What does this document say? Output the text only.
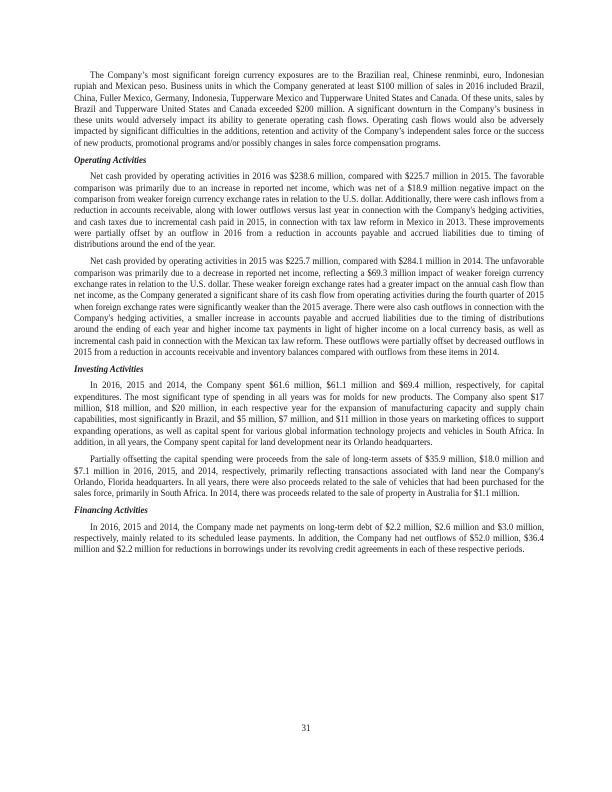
The Company’s most significant foreign currency exposures are to the Brazilian real, Chinese renminbi, euro, Indonesian rupiah and Mexican peso. Business units in which the Company generated at least $100 million of sales in 2016 included Brazil, China, Fuller Mexico, Germany, Indonesia, Tupperware Mexico and Tupperware United States and Canada. Of these units, sales by Brazil and Tupperware United States and Canada exceeded $200 million. A significant downturn in the Company’s business in these units would adversely impact its ability to generate operating cash flows. Operating cash flows would also be adversely impacted by significant difficulties in the additions, retention and activity of the Company’s independent sales force or the success of new products, promotional programs and/or possibly changes in sales force compensation programs.

Operating Activities

Net cash provided by operating activities in 2016 was $238.6 million, compared with $225.7 million in 2015. The favorable comparison was primarily due to an increase in reported net income, which was net of a $18.9 million negative impact on the comparison from weaker foreign currency exchange rates in relation to the U.S. dollar. Additionally, there were cash inflows from a reduction in accounts receivable, along with lower outflows versus last year in connection with the Company's hedging activities, and cash taxes due to incremental cash paid in 2015, in connection with tax law reform in Mexico in 2013. These improvements were partially offset by an outflow in 2016 from a reduction in accounts payable and accrued liabilities due to timing of distributions around the end of the year.

Net cash provided by operating activities in 2015 was $225.7 million, compared with $284.1 million in 2014. The unfavorable comparison was primarily due to a decrease in reported net income, reflecting a $69.3 million impact of weaker foreign currency exchange rates in relation to the U.S. dollar. These weaker foreign exchange rates had a greater impact on the annual cash flow than net income, as the Company generated a significant share of its cash flow from operating activities during the fourth quarter of 2015 when foreign exchange rates were significantly weaker than the 2015 average. There were also cash outflows in connection with the Company's hedging activities, a smaller increase in accounts payable and accrued liabilities due to the timing of distributions around the ending of each year and higher income tax payments in light of higher income on a local currency basis, as well as incremental cash paid in connection with the Mexican tax law reform. These outflows were partially offset by decreased outflows in 2015 from a reduction in accounts receivable and inventory balances compared with outflows from these items in 2014.

Investing Activities

In 2016, 2015 and 2014, the Company spent $61.6 million, $61.1 million and $69.4 million, respectively, for capital expenditures. The most significant type of spending in all years was for molds for new products. The Company also spent $17 million, $18 million, and $20 million, in each respective year for the expansion of manufacturing capacity and supply chain capabilities, most significantly in Brazil, and $5 million, $7 million, and $11 million in those years on marketing offices to support expanding operations, as well as capital spent for various global information technology projects and vehicles in South Africa. In addition, in all years, the Company spent capital for land development near its Orlando headquarters.

Partially offsetting the capital spending were proceeds from the sale of long-term assets of $35.9 million, $18.0 million and $7.1 million in 2016, 2015, and 2014, respectively, primarily reflecting transactions associated with land near the Company's Orlando, Florida headquarters. In all years, there were also proceeds related to the sale of vehicles that had been purchased for the sales force, primarily in South Africa. In 2014, there was proceeds related to the sale of property in Australia for $1.1 million.

Financing Activities

In 2016, 2015 and 2014, the Company made net payments on long-term debt of $2.2 million, $2.6 million and $3.0 million, respectively, mainly related to its scheduled lease payments. In addition, the Company had net outflows of $52.0 million, $36.4 million and $2.2 million for reductions in borrowings under its revolving credit agreements in each of these respective periods.

31
